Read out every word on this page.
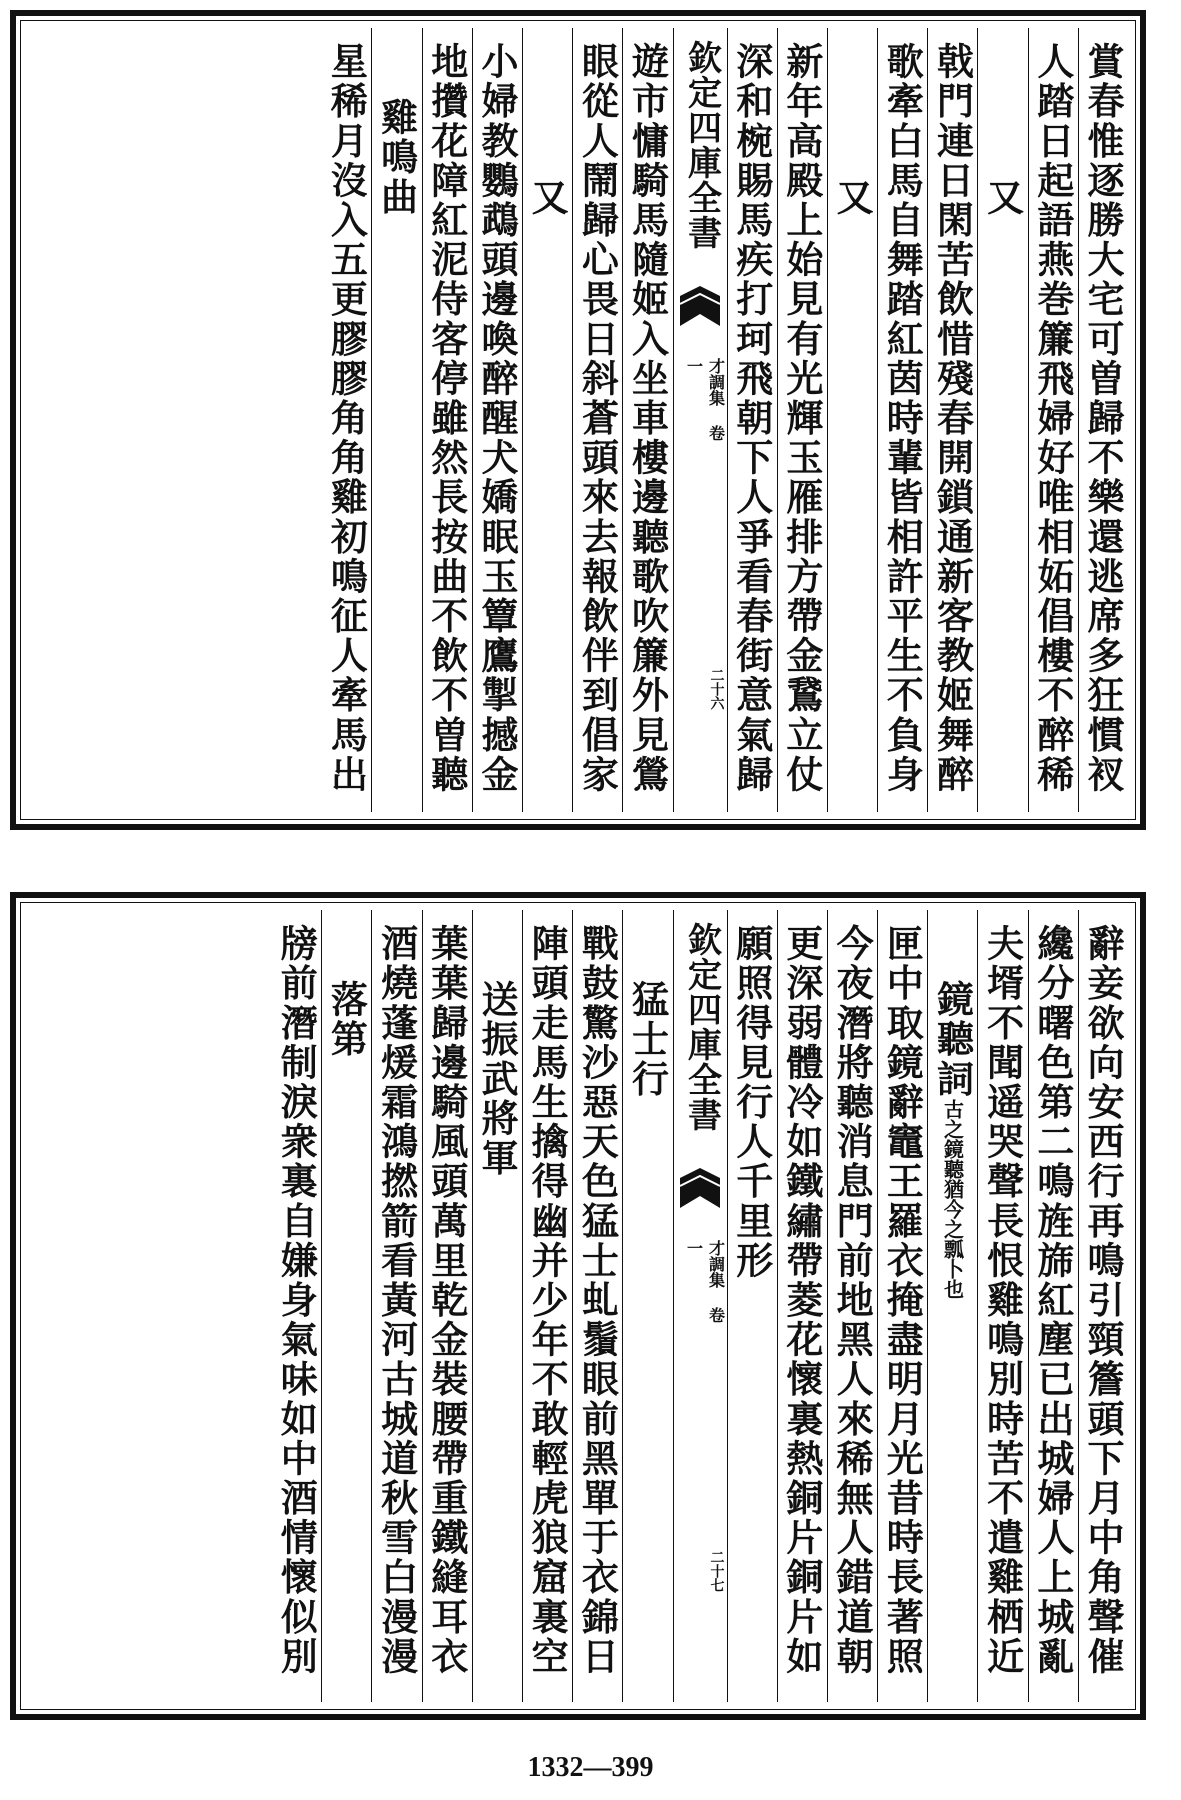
賞春惟逐勝大宅可曽歸不樂還逃席多狂慣衩
人踏日起語燕巻簾飛婦好唯相妬倡樓不醉稀
又
戟門連日閑苦飲惜殘春開鎖通新客教姬舞醉
歌牽白馬自舞踏紅茵時輩皆相許平生不負身
又
新年高殿上始見有光輝玉雁排方帶金鵞立仗
深和椀賜馬疾打珂飛朝下人爭看春街意氣歸
欽定四庫全書
才調集 卷一
二十六
遊市慵騎馬隨姬入坐車樓邊聽歌吹簾外見鶯
眼從人鬧歸心畏日斜蒼頭來去報飲伴到倡家
又
小婦教鸚鵡頭邊喚醉醒犬嬌眠玉簟鷹掣撼金
地攢花障紅泥侍客停雖然長按曲不飲不曽聽
雞鳴曲
星稀月沒入五更膠膠角角雞初鳴征人牽馬出
辭妾欲向安西行再鳴引頸簷頭下月中角聲催
纔分曙色第二鳴旌旆紅塵已出城婦人上城亂
夫壻不聞遥哭聲長恨雞鳴別時苦不遣雞栖近
鏡聽詞古之鏡聽猶今之瓢卜也
匣中取鏡辭竈王羅衣掩盡明月光昔時長著照
今夜潛將聽消息門前地黑人來稀無人錯道朝
更深弱體冷如鐵繡帶菱花懷裏熱銅片銅片如
願照得見行人千里形
欽定四庫全書
才調集 卷一
二十七
猛士行
戰鼓驚沙惡天色猛士虬鬚眼前黑單于衣錦日
陣頭走馬生擒得幽并少年不敢輕虎狼窟裏空
送振武將軍
葉葉歸邊騎風頭萬里乾金裝腰帶重鐵縫耳衣
酒燒蓬煖霜鴻撚箭看黃河古城道秋雪白漫漫
落第
牓前潛制淚衆裏自嫌身氣味如中酒情懷似別
1332—399
